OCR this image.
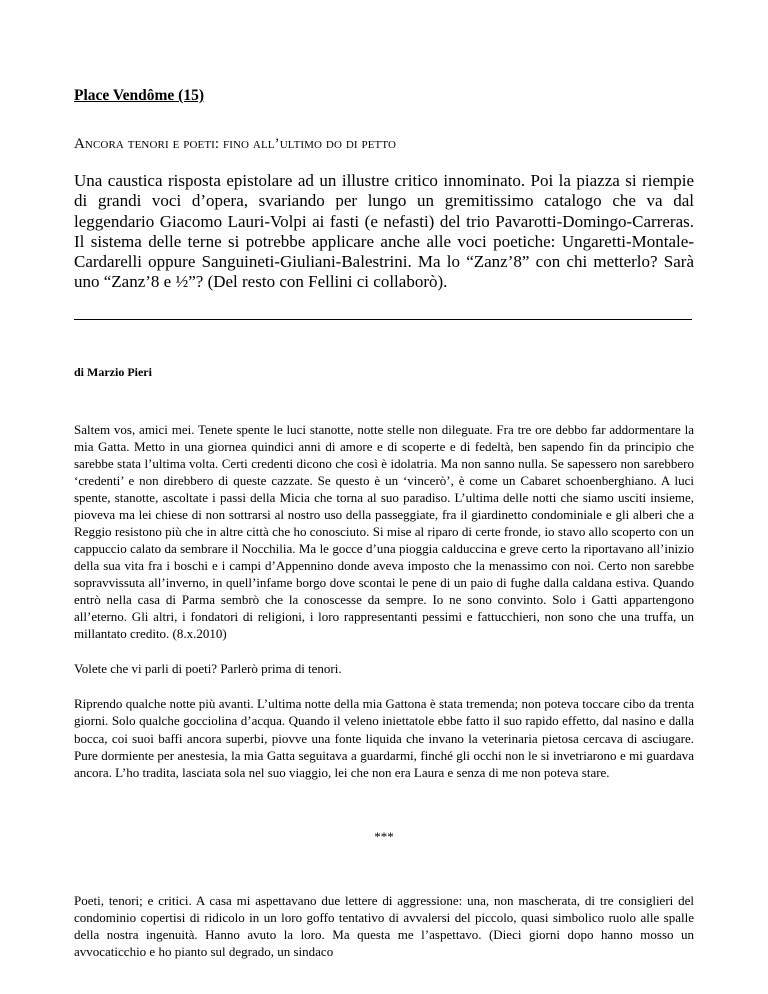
Place Vendôme (15)

Ancora tenori e poeti: fino all’ultimo do di petto

Una caustica risposta epistolare ad un illustre critico innominato. Poi la piazza si riempie di grandi voci d’opera, svariando per lungo un gremitissimo catalogo che va dal leggendario Giacomo Lauri-Volpi ai fasti (e nefasti) del trio Pavarotti-Domingo-Carreras. Il sistema delle terne si potrebbe applicare anche alle voci poetiche: Ungaretti-Montale-Cardarelli oppure Sanguineti-Giuliani-Balestrini. Ma lo “Zanz’8” con chi metterlo? Sarà uno “Zanz’8 e ½”? (Del resto con Fellini ci collaborò).

di Marzio Pieri

Saltem vos, amici mei. Tenete spente le luci stanotte, notte stelle non dileguate. Fra tre ore debbo far addormentare la mia Gatta. Metto in una giornea quindici anni di amore e di scoperte e di fedeltà, ben sapendo fin da principio che sarebbe stata l’ultima volta. Certi credenti dicono che così è idolatria. Ma non sanno nulla. Se sapessero non sarebbero ‘credenti’ e non direbbero di queste cazzate. Se questo è un ‘vincerò’, è come un Cabaret schoenberghiano. A luci spente, stanotte, ascoltate i passi della Micia che torna al suo paradiso. L’ultima delle notti che siamo usciti insieme, pioveva ma lei chiese di non sottrarsi al nostro uso della passeggiate, fra il giardinetto condominiale e gli alberi che a Reggio resistono più che in altre città che ho conosciuto. Si mise al riparo di certe fronde, io stavo allo scoperto con un cappuccio calato da sembrare il Nocchilia. Ma le gocce d’una pioggia calduccina e greve certo la riportavano all’inizio della sua vita fra i boschi e i campi d’Appennino donde aveva imposto che la menassimo con noi. Certo non sarebbe sopravvissuta all’inverno, in quell’infame borgo dove scontai le pene di un paio di fughe dalla caldana estiva. Quando entrò nella casa di Parma sembrò che la conoscesse da sempre. Io ne sono convinto. Solo i Gatti appartengono all’eterno. Gli altri, i fondatori di religioni, i loro rappresentanti pessimi e fattucchieri, non sono che una truffa, un millantato credito. (8.x.2010)

Volete che vi parli di poeti? Parlerò prima di tenori.

Riprendo qualche notte più avanti. L’ultima notte della mia Gattona è stata tremenda; non poteva toccare cibo da trenta giorni. Solo qualche gocciolina d’acqua. Quando il veleno iniettatole ebbe fatto il suo rapido effetto, dal nasino e dalla bocca, coi suoi baffi ancora superbi, piovve una fonte liquida che invano la veterinaria pietosa cercava di asciugare. Pure dormiente per anestesia, la mia Gatta seguitava a guardarmi, finché gli occhi non le si invetriarono e mi guardava ancora. L’ho tradita, lasciata sola nel suo viaggio, lei che non era Laura e senza di me non poteva stare.

***

Poeti, tenori; e critici. A casa mi aspettavano due lettere di aggressione: una, non mascherata, di tre consiglieri del condominio copertisi di ridicolo in un loro goffo tentativo di avvalersi del piccolo, quasi simbolico ruolo alle spalle della nostra ingenuità. Hanno avuto la loro. Ma questa me l’aspettavo. (Dieci giorni dopo hanno mosso un avvocaticchio e ho pianto sul degrado, un sindaco
